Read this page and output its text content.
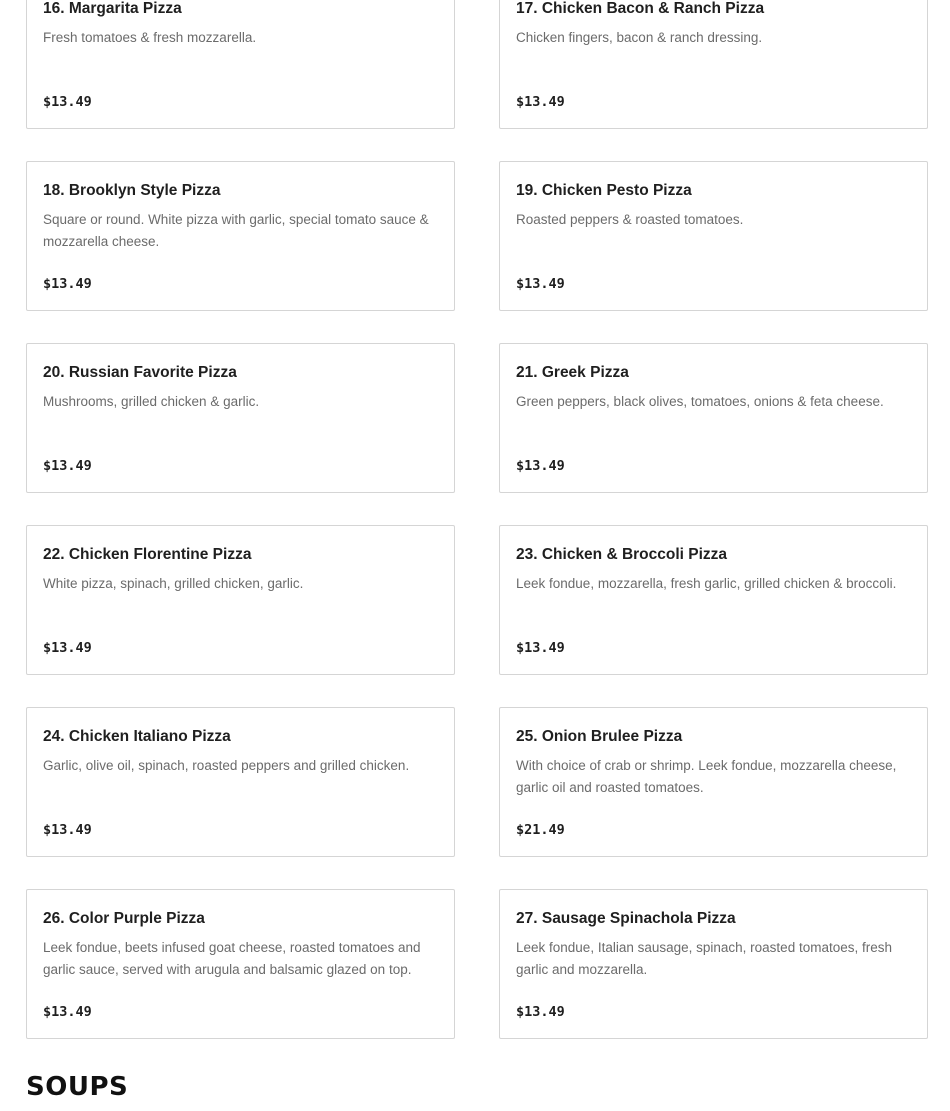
16. Margarita Pizza
Fresh tomatoes & fresh mozzarella.
$13.49
17. Chicken Bacon & Ranch Pizza
Chicken fingers, bacon & ranch dressing.
$13.49
18. Brooklyn Style Pizza
Square or round. White pizza with garlic, special tomato sauce & mozzarella cheese.
$13.49
19. Chicken Pesto Pizza
Roasted peppers & roasted tomatoes.
$13.49
20. Russian Favorite Pizza
Mushrooms, grilled chicken & garlic.
$13.49
21. Greek Pizza
Green peppers, black olives, tomatoes, onions & feta cheese.
$13.49
22. Chicken Florentine Pizza
White pizza, spinach, grilled chicken, garlic.
$13.49
23. Chicken & Broccoli Pizza
Leek fondue, mozzarella, fresh garlic, grilled chicken & broccoli.
$13.49
24. Chicken Italiano Pizza
Garlic, olive oil, spinach, roasted peppers and grilled chicken.
$13.49
25. Onion Brulee Pizza
With choice of crab or shrimp. Leek fondue, mozzarella cheese, garlic oil and roasted tomatoes.
$21.49
26. Color Purple Pizza
Leek fondue, beets infused goat cheese, roasted tomatoes and garlic sauce, served with arugula and balsamic glazed on top.
$13.49
27. Sausage Spinachola Pizza
Leek fondue, Italian sausage, spinach, roasted tomatoes, fresh garlic and mozzarella.
$13.49
SOUPS
